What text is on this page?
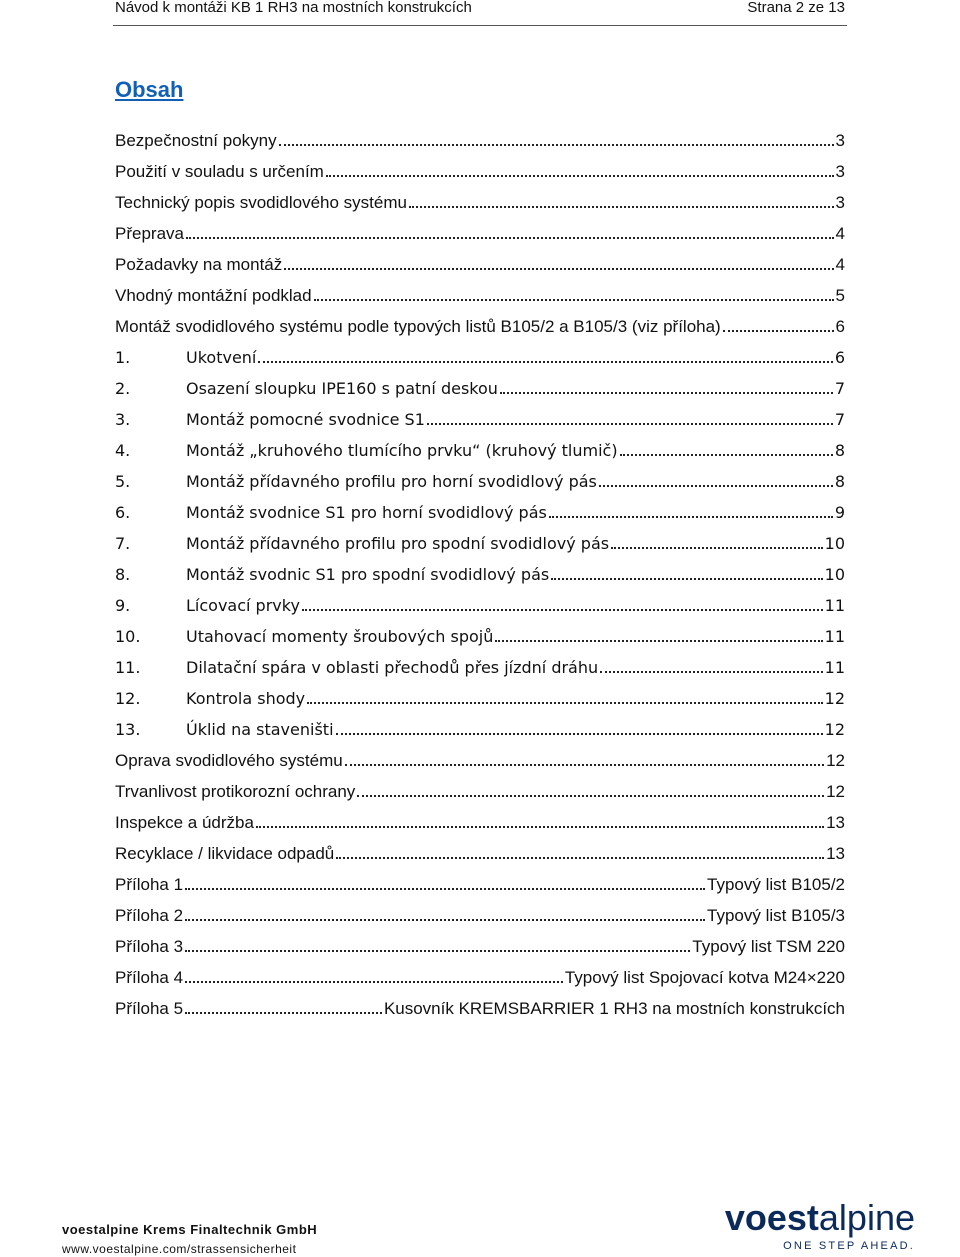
Návod k montáži KB 1 RH3 na mostních konstrukcích	Strana 2 ze 13
Obsah
Bezpečnostní pokyny	3
Použití v souladu s určením	3
Technický popis svodidlového systému	3
Přeprava	4
Požadavky na montáž	4
Vhodný montážní podklad	5
Montáž svodidlového systému podle typových listů B105/2 a B105/3 (viz příloha)	6
1.	Ukotvení	6
2.	Osazení sloupku IPE160 s patní deskou	7
3.	Montáž pomocné svodnice S1	7
4.	Montáž „kruhového tlumícího prvku“ (kruhový tlumič)	8
5.	Montáž přídavného profilu pro horní svodidlový pás	8
6.	Montáž svodnice S1 pro horní svodidlový pás	9
7.	Montáž přídavného profilu pro spodní svodidlový pás	10
8.	Montáž svodnic S1 pro spodní svodidlový pás	10
9.	Lícovací prvky	11
10.	Utahovací momenty šroubových spojů	11
11.	Dilatační spára v oblasti přechodů přes jízdní dráhu	11
12.	Kontrola shody	12
13.	Úklid na staveništi	12
Oprava svodidlového systému	12
Trvanlivost protikorozní ochrany	12
Inspekce a údržba	13
Recyklace / likvidace odpadů	13
Příloha 1	Typový list B105/2
Příloha 2	Typový list B105/3
Příloha 3	Typový list TSM 220
Příloha 4	Typový list Spojovací kotva M24×220
Příloha 5	Kusovník KREMSBARRIER 1 RH3 na mostních konstrukcích
voestalpine Krems Finaltechnik GmbH
www.voestalpine.com/strassensicherheit
voestalpine
ONE STEP AHEAD.
